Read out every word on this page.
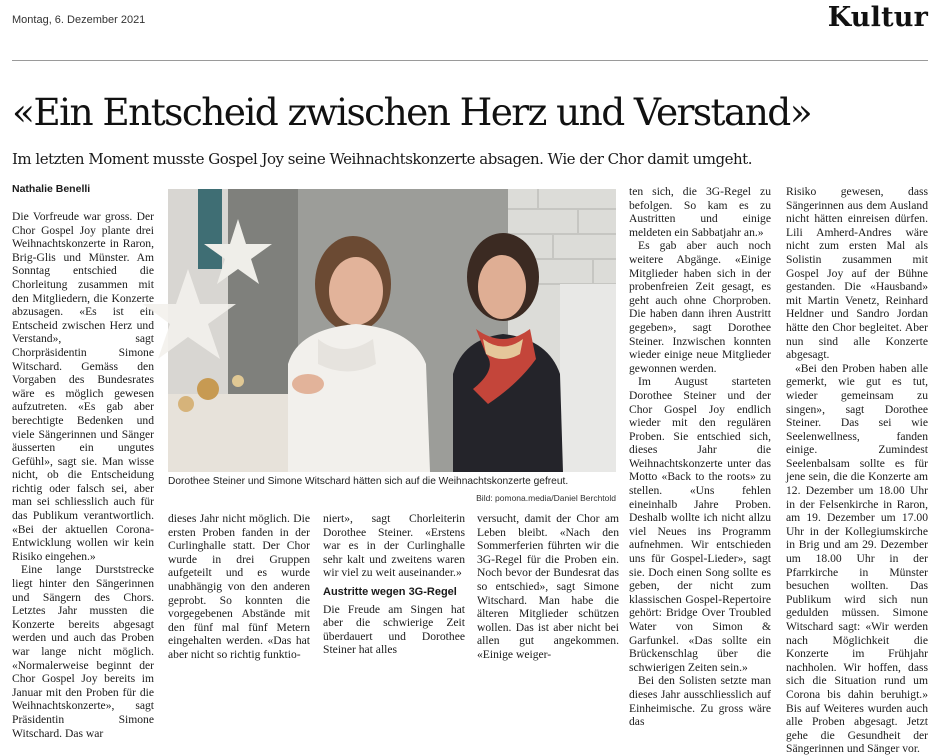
Montag, 6. Dezember 2021	Kultur
«Ein Entscheid zwischen Herz und Verstand»

Im letzten Moment musste Gospel Joy seine Weihnachtskonzerte absagen. Wie der Chor damit umgeht.

Nathalie Benelli

Die Vorfreude war gross. Der Chor Gospel Joy plante drei Weihnachtskonzerte in Raron, Brig-Glis und Münster. Am Sonntag entschied die Chorleitung zusammen mit den Mitgliedern, die Konzerte abzusagen. «Es ist ein Entscheid zwischen Herz und Verstand», sagt Chorpräsidentin Simone Witschard. Gemäss den Vorgaben des Bundesrates wäre es möglich gewesen aufzutreten. «Es gab aber berechtigte Bedenken und viele Sängerinnen und Sänger äusserten ein ungutes Gefühl», sagt sie. Man wisse nicht, ob die Entscheidung richtig oder falsch sei, aber man sei schliesslich auch für das Publikum verantwortlich. «Bei der aktuellen Corona-Entwicklung wollen wir kein Risiko eingehen.»

Eine lange Durststrecke liegt hinter den Sängerinnen und Sängern des Chors. Letztes Jahr mussten die Konzerte bereits abgesagt werden und auch das Proben war lange nicht möglich. «Normalerweise beginnt der Chor Gospel Joy bereits im Januar mit den Proben für die Weihnachtskonzerte», sagt Präsidentin Simone Witschard. Das war

Dorothee Steiner und Simone Witschard hätten sich auf die Weihnachtskonzerte gefreut.
Bild: pomona.media/Daniel Berchtold

dieses Jahr nicht möglich. Die ersten Proben fanden in der Curlinghalle statt. Der Chor wurde in drei Gruppen aufgeteilt und es wurde unabhängig von den anderen geprobt. So konnten die vorgegebenen Abstände mit den fünf mal fünf Metern eingehalten werden. «Das hat aber nicht so richtig funktio-

niert», sagt Chorleiterin Dorothee Steiner. «Erstens war es in der Curlinghalle sehr kalt und zweitens waren wir viel zu weit auseinander.»

Austritte wegen 3G-Regel

Die Freude am Singen hat aber die schwierige Zeit überdauert und Dorothee Steiner hat alles

versucht, damit der Chor am Leben bleibt. «Nach den Sommerferien führten wir die 3G-Regel für die Proben ein. Noch bevor der Bundesrat das so entschied», sagt Simone Witschard. Man habe die älteren Mitglieder schützen wollen. Das ist aber nicht bei allen gut angekommen. «Einige weiger-

ten sich, die 3G-Regel zu befolgen. So kam es zu Austritten und einige meldeten ein Sabbatjahr an.»

Es gab aber auch noch weitere Abgänge. «Einige Mitglieder haben sich in der probenfreien Zeit gesagt, es geht auch ohne Chorproben. Die haben dann ihren Austritt gegeben», sagt Dorothee Steiner. Inzwischen konnten wieder einige neue Mitglieder gewonnen werden.

Im August starteten Dorothee Steiner und der Chor Gospel Joy endlich wieder mit den regulären Proben. Sie entschied sich, dieses Jahr die Weihnachtskonzerte unter das Motto «Back to the roots» zu stellen. «Uns fehlen eineinhalb Jahre Proben. Deshalb wollte ich nicht allzu viel Neues ins Programm aufnehmen. Wir entschieden uns für Gospel-Lieder», sagt sie. Doch einen Song sollte es geben, der nicht zum klassischen Gospel-Repertoire gehört: Bridge Over Troubled Water von Simon & Garfunkel. «Das sollte ein Brückenschlag über die schwierigen Zeiten sein.»

Bei den Solisten setzte man dieses Jahr ausschliesslich auf Einheimische. Zu gross wäre das

Risiko gewesen, dass Sängerinnen aus dem Ausland nicht hätten einreisen dürfen. Lili Amherd-Andres wäre nicht zum ersten Mal als Solistin zusammen mit Gospel Joy auf der Bühne gestanden. Die «Hausband» mit Martin Venetz, Reinhard Heldner und Sandro Jordan hätte den Chor begleitet. Aber nun sind alle Konzerte abgesagt.

«Bei den Proben haben alle gemerkt, wie gut es tut, wieder gemeinsam zu singen», sagt Dorothee Steiner. Das sei wie Seelenwellness, fanden einige. Zumindest Seelenbalsam sollte es für jene sein, die die Konzerte am 12. Dezember um 18.00 Uhr in der Felsenkirche in Raron, am 19. Dezember um 17.00 Uhr in der Kollegiumskirche in Brig und am 29. Dezember um 18.00 Uhr in der Pfarrkirche in Münster besuchen wollten. Das Publikum wird sich nun gedulden müssen. Simone Witschard sagt: «Wir werden nach Möglichkeit die Konzerte im Frühjahr nachholen. Wir hoffen, dass sich die Situation rund um Corona bis dahin beruhigt.» Bis auf Weiteres wurden auch alle Proben abgesagt. Jetzt gehe die Gesundheit der Sängerinnen und Sänger vor.
